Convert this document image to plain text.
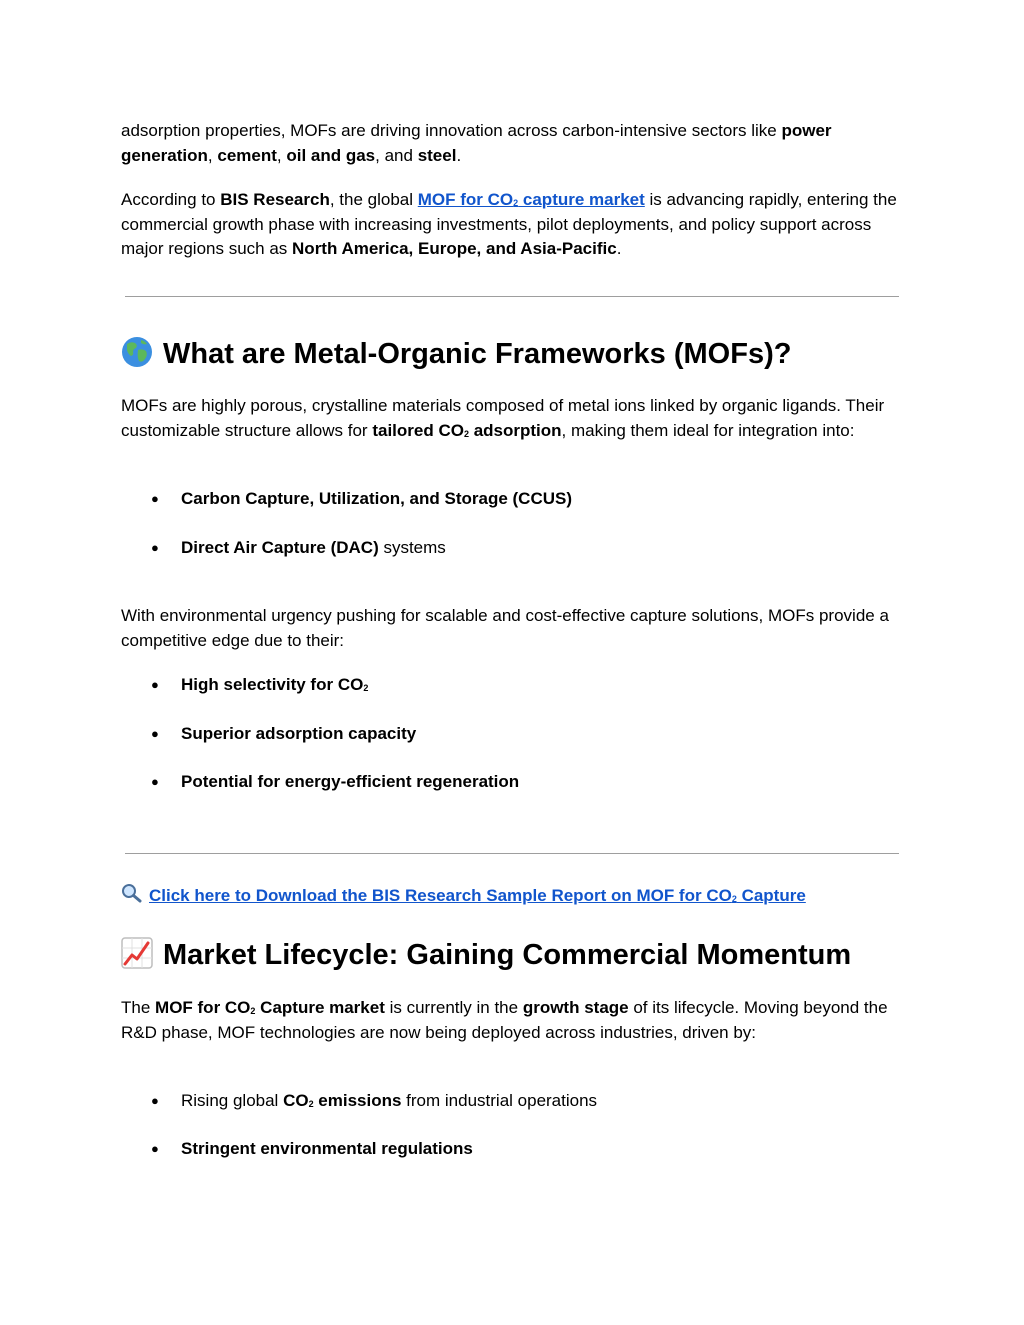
adsorption properties, MOFs are driving innovation across carbon-intensive sectors like power generation, cement, oil and gas, and steel.

According to BIS Research, the global MOF for $CO_2$ capture market is advancing rapidly, entering the commercial growth phase with increasing investments, pilot deployments, and policy support across major regions such as North America, Europe, and Asia-Pacific.

What are Metal-Organic Frameworks (MOFs)?

MOFs are highly porous, crystalline materials composed of metal ions linked by organic ligands. Their customizable structure allows for tailored $CO_2$ adsorption, making them ideal for integration into:

● Carbon Capture, Utilization, and Storage (CCUS)
● Direct Air Capture (DAC) systems

With environmental urgency pushing for scalable and cost-effective capture solutions, MOFs provide a competitive edge due to their:

● High selectivity for $CO_2$
● Superior adsorption capacity
● Potential for energy-efficient regeneration

Click here to Download the BIS Research Sample Report on MOF for $CO_2$ Capture

Market Lifecycle: Gaining Commercial Momentum

The MOF for $CO_2$ Capture market is currently in the growth stage of its lifecycle. Moving beyond the R&D phase, MOF technologies are now being deployed across industries, driven by:

● Rising global $CO_2$ emissions from industrial operations
● Stringent environmental regulations
